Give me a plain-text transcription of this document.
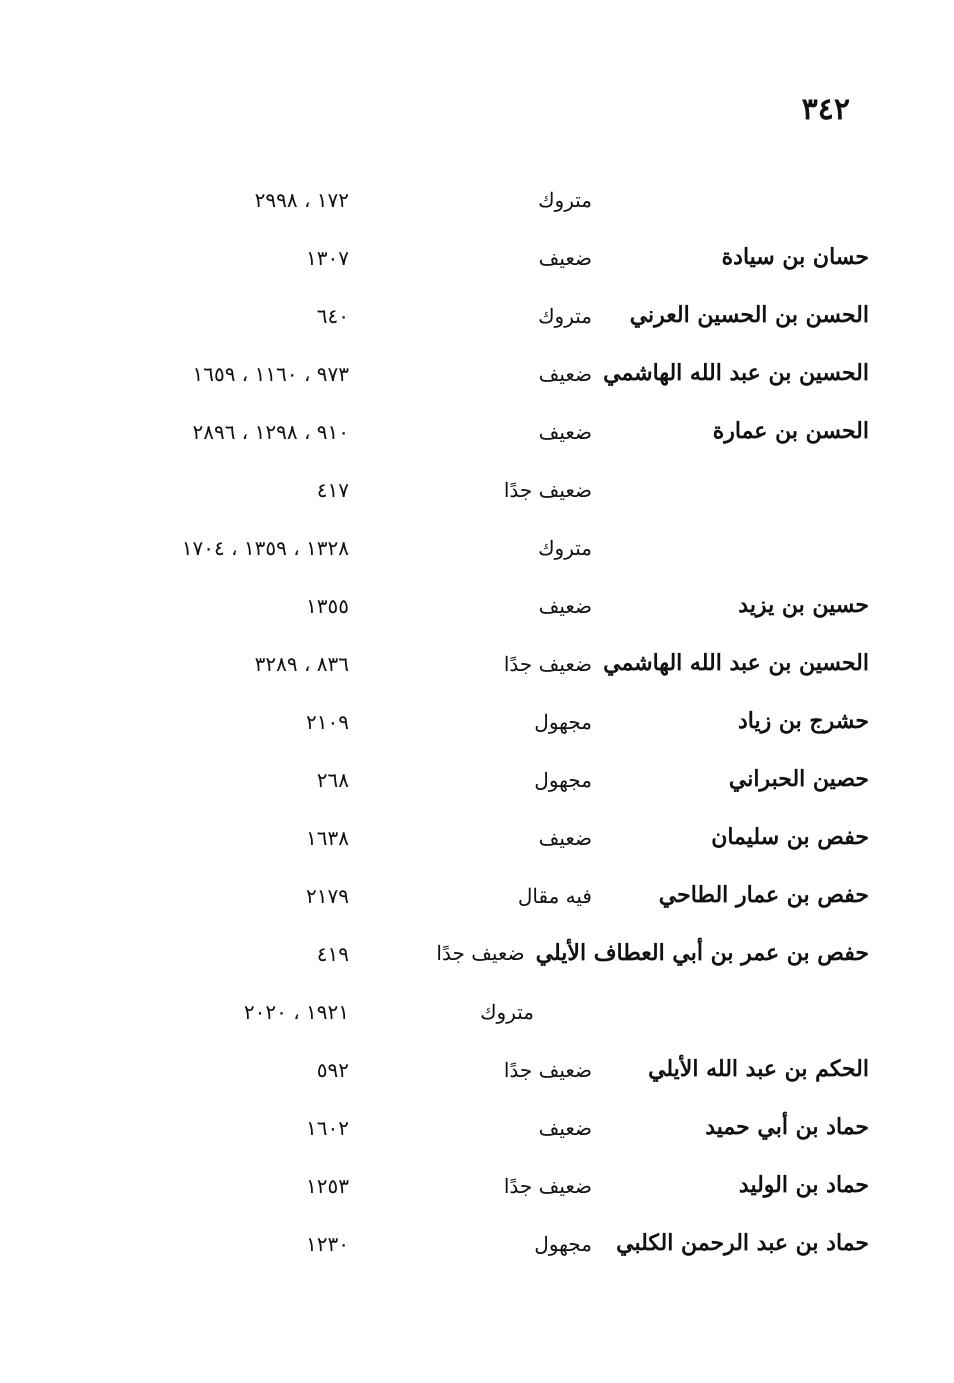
٣٤٢
متروك
١٧٢ ، ٢٩٩٨
حسان بن سيادة
ضعيف
١٣٠٧
الحسن بن الحسين العرني
متروك
٦٤٠
الحسين بن عبد الله الهاشمي
ضعيف
٩٧٣ ، ١١٦٠ ، ١٦٥٩
الحسن بن عمارة
ضعيف
٩١٠ ، ١٢٩٨ ، ٢٨٩٦
ضعيف جدًا
٤١٧
متروك
١٣٢٨ ، ١٣٥٩ ، ١٧٠٤
حسين بن يزيد
ضعيف
١٣٥٥
الحسين بن عبد الله الهاشمي
ضعيف جدًا
٨٣٦ ، ٣٢٨٩
حشرج بن زياد
مجهول
٢١٠٩
حصين الحبراني
مجهول
٢٦٨
حفص بن سليمان
ضعيف
١٦٣٨
حفص بن عمار الطاحي
فيه مقال
٢١٧٩
حفص بن عمر بن أبي العطاف الأيلي ضعيف جدًا
٤١٩
متروك
١٩٢١ ، ٢٠٢٠
الحكم بن عبد الله الأيلي
ضعيف جدًا
٥٩٢
حماد بن أبي حميد
ضعيف
١٦٠٢
حماد بن الوليد
ضعيف جدًا
١٢٥٣
حماد بن عبد الرحمن الكلبي
مجهول
١٢٣٠
